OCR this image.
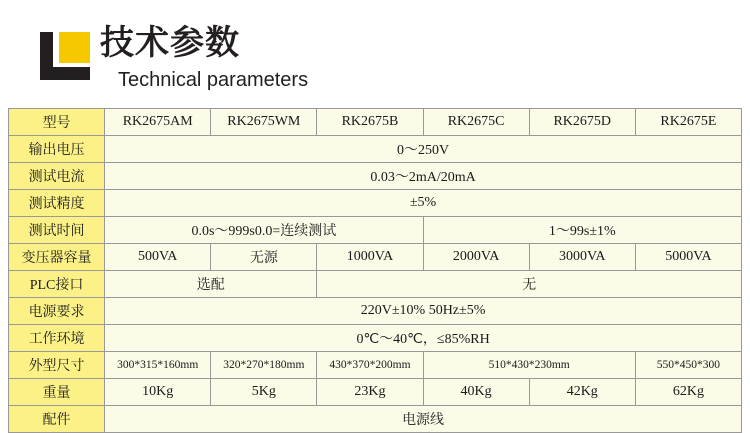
技术参数
Technical parameters
型号	RK2675AM	RK2675WM	RK2675B	RK2675C	RK2675D	RK2675E
输出电压	0～250V					
测试电流	0.03～2mA/20mA					
测试精度	±5%					
测试时间	0.0s～999s0.0=连续测试			1～99s±1%		
变压器容量	500VA	无源	1000VA	2000VA	3000VA	5000VA
PLC接口	选配		无			
电源要求	220V±10% 50Hz±5%					
工作环境	0℃～40℃，≤85%RH					
外型尺寸	300*315*160mm	320*270*180mm	430*370*200mm	510*430*230mm		550*450*300
重量	10Kg	5Kg	23Kg	40Kg	42Kg	62Kg
配件	电源线					
